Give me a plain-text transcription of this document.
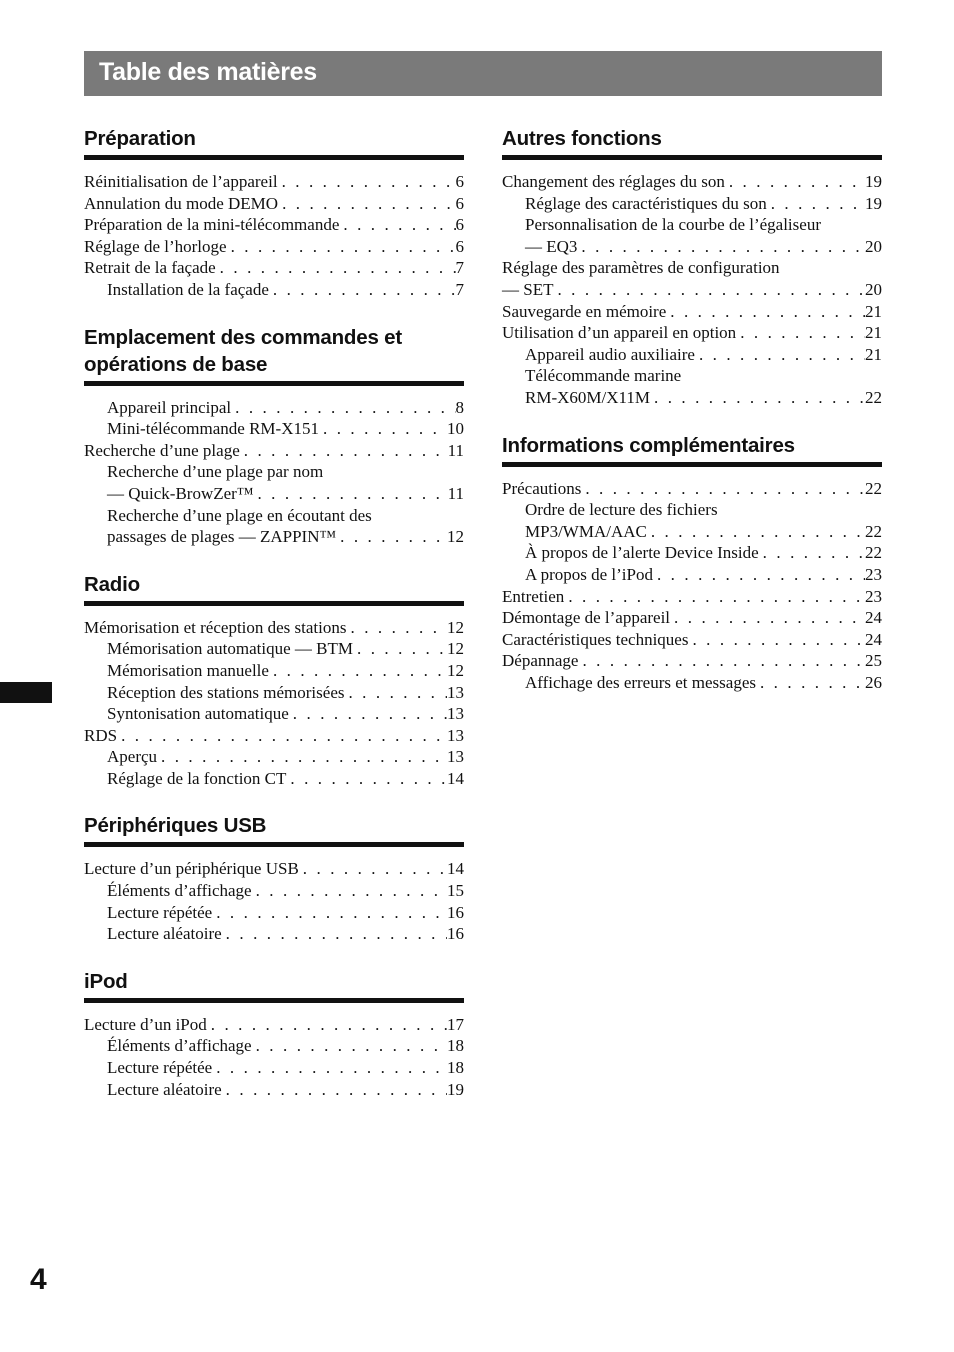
Table des matières
Préparation
Réinitialisation de l’appareil . . .	6
Annulation du mode DEMO . . .	6
Préparation de la mini-télécommande . . .	6
Réglage de l’horloge . . .	6
Retrait de la façade . . .	7
Installation de la façade . . .	7
Emplacement des commandes et opérations de base
Appareil principal . . .	8
Mini-télécommande RM-X151 . . .	10
Recherche d’une plage . . .	11
Recherche d’une plage par nom
— Quick-BrowZer™ . . .	11
Recherche d’une plage en écoutant des
passages de plages — ZAPPIN™ . . .	12
Radio
Mémorisation et réception des stations . . .	12
Mémorisation automatique — BTM . . .	12
Mémorisation manuelle . . .	12
Réception des stations mémorisées . . .	13
Syntonisation automatique . . .	13
RDS . . .	13
Aperçu . . .	13
Réglage de la fonction CT . . .	14
Périphériques USB
Lecture d’un périphérique USB . . .	14
Éléments d’affichage . . .	15
Lecture répétée . . .	16
Lecture aléatoire . . .	16
iPod
Lecture d’un iPod . . .	17
Éléments d’affichage . . .	18
Lecture répétée . . .	18
Lecture aléatoire . . .	19
Autres fonctions
Changement des réglages du son . . .	19
Réglage des caractéristiques du son . . .	19
Personnalisation de la courbe de l’égaliseur
— EQ3 . . .	20
Réglage des paramètres de configuration
— SET . . .	20
Sauvegarde en mémoire . . .	21
Utilisation d’un appareil en option . . .	21
Appareil audio auxiliaire . . .	21
Télécommande marine
RM-X60M/X11M . . .	22
Informations complémentaires
Précautions . . .	22
Ordre de lecture des fichiers
MP3/WMA/AAC . . .	22
À propos de l’alerte Device Inside . . .	22
A propos de l’iPod . . .	23
Entretien . . .	23
Démontage de l’appareil . . .	24
Caractéristiques techniques . . .	24
Dépannage . . .	25
Affichage des erreurs et messages . . .	26
4
